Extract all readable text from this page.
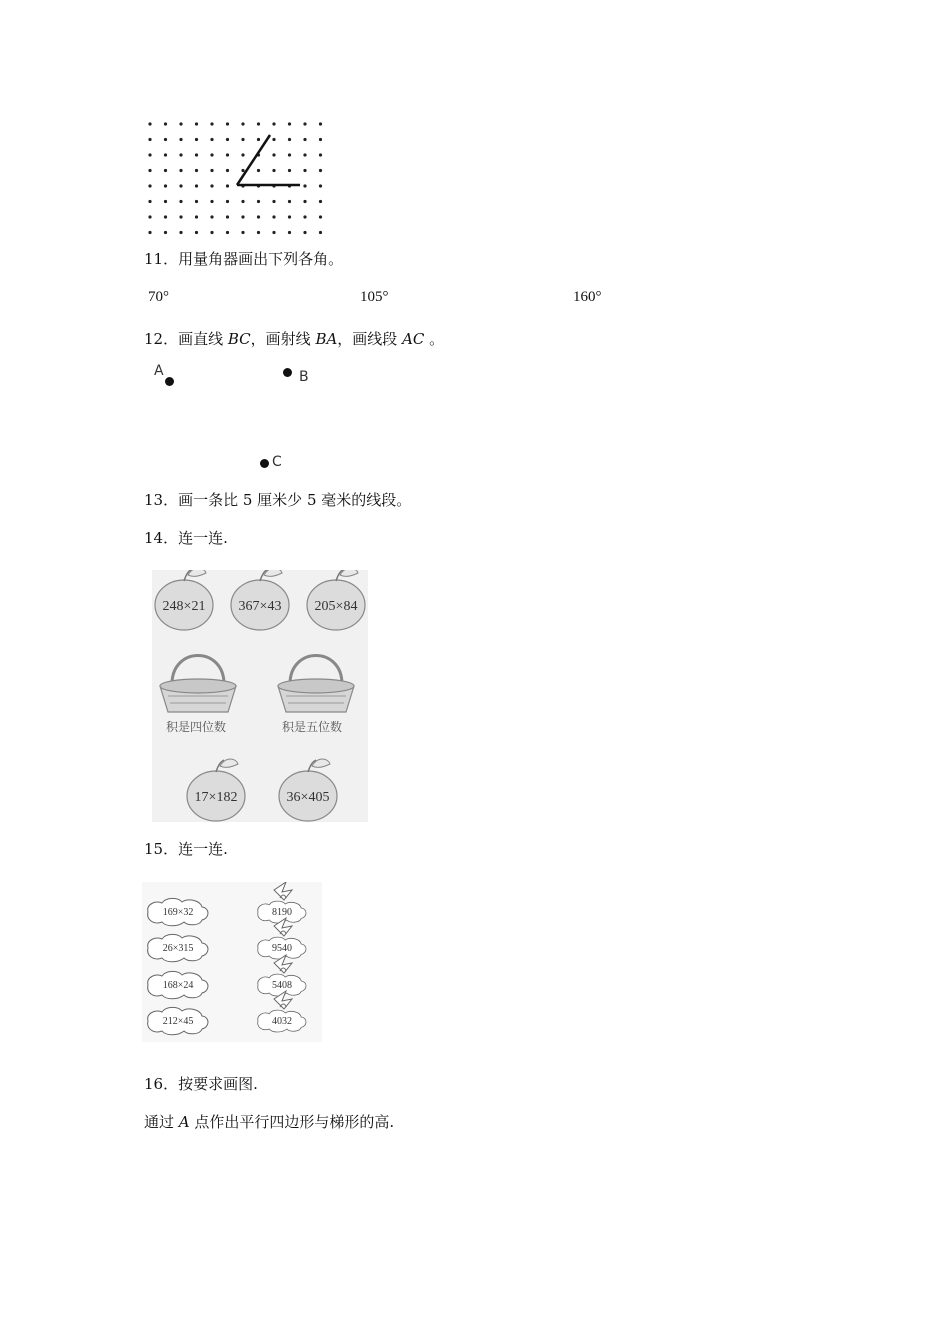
11．用量角器画出下列各角。
70°	105°	160°
12．画直线 BC，画射线 BA，画线段 AC 。
A	B
C
13．画一条比 5 厘米少 5 毫米的线段。
14．连一连.
248×21 367×43 205×84
17×182	36×405
积是四位数	积是五位数
15．连一连.
169×32
26×315
168×24
212×45
8190
9540
5408
4032
16．按要求画图.
通过 A 点作出平行四边形与梯形的高.
